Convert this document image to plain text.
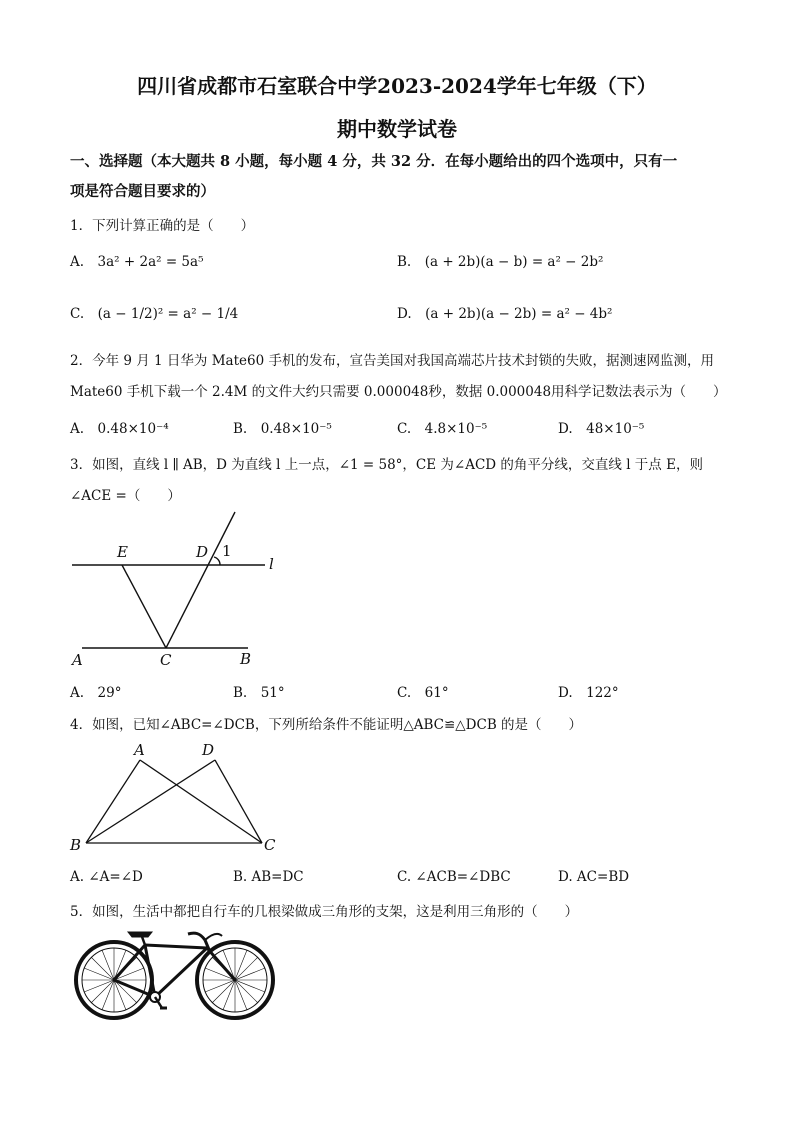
四川省成都市石室联合中学2023-2024学年七年级（下）
期中数学试卷
一、选择题（本大题共 8 小题，每小题 4 分，共 32 分．在每小题给出的四个选项中，只有一
项是符合题目要求的）
1．下列计算正确的是（　　）
A.　3a² + 2a² = 5a⁵	B.　(a + 2b)(a − b) = a² − 2b²
C.　(a − 1/2)² = a² − 1/4	D.　(a + 2b)(a − 2b) = a² − 4b²
2．今年 9 月 1 日华为 Mate60 手机的发布，宣告美国对我国高端芯片技术封锁的失败，据测速网监测，用
Mate60 手机下载一个 2.4M 的文件大约只需要 0.000048秒，数据 0.000048用科学记数法表示为（　　）
A.　0.48×10⁻⁴	B.　0.48×10⁻⁵	C.　4.8×10⁻⁵	D.　48×10⁻⁵
3．如图，直线 l ∥ AB，D 为直线 l 上一点，∠1 = 58°，CE 为∠ACD 的角平分线，交直线 l 于点 E，则
∠ACE =（　　）
E	D 1
l
A	C	B
A.　29°	B.　51°	C.　61°	D.　122°
4．如图，已知∠ABC=∠DCB，下列所给条件不能证明△ABC≌△DCB 的是（　　）
A	D
B	C
A. ∠A=∠D	B. AB=DC	C. ∠ACB=∠DBC	D. AC=BD
5．如图，生活中都把自行车的几根梁做成三角形的支架，这是利用三角形的（　　）
